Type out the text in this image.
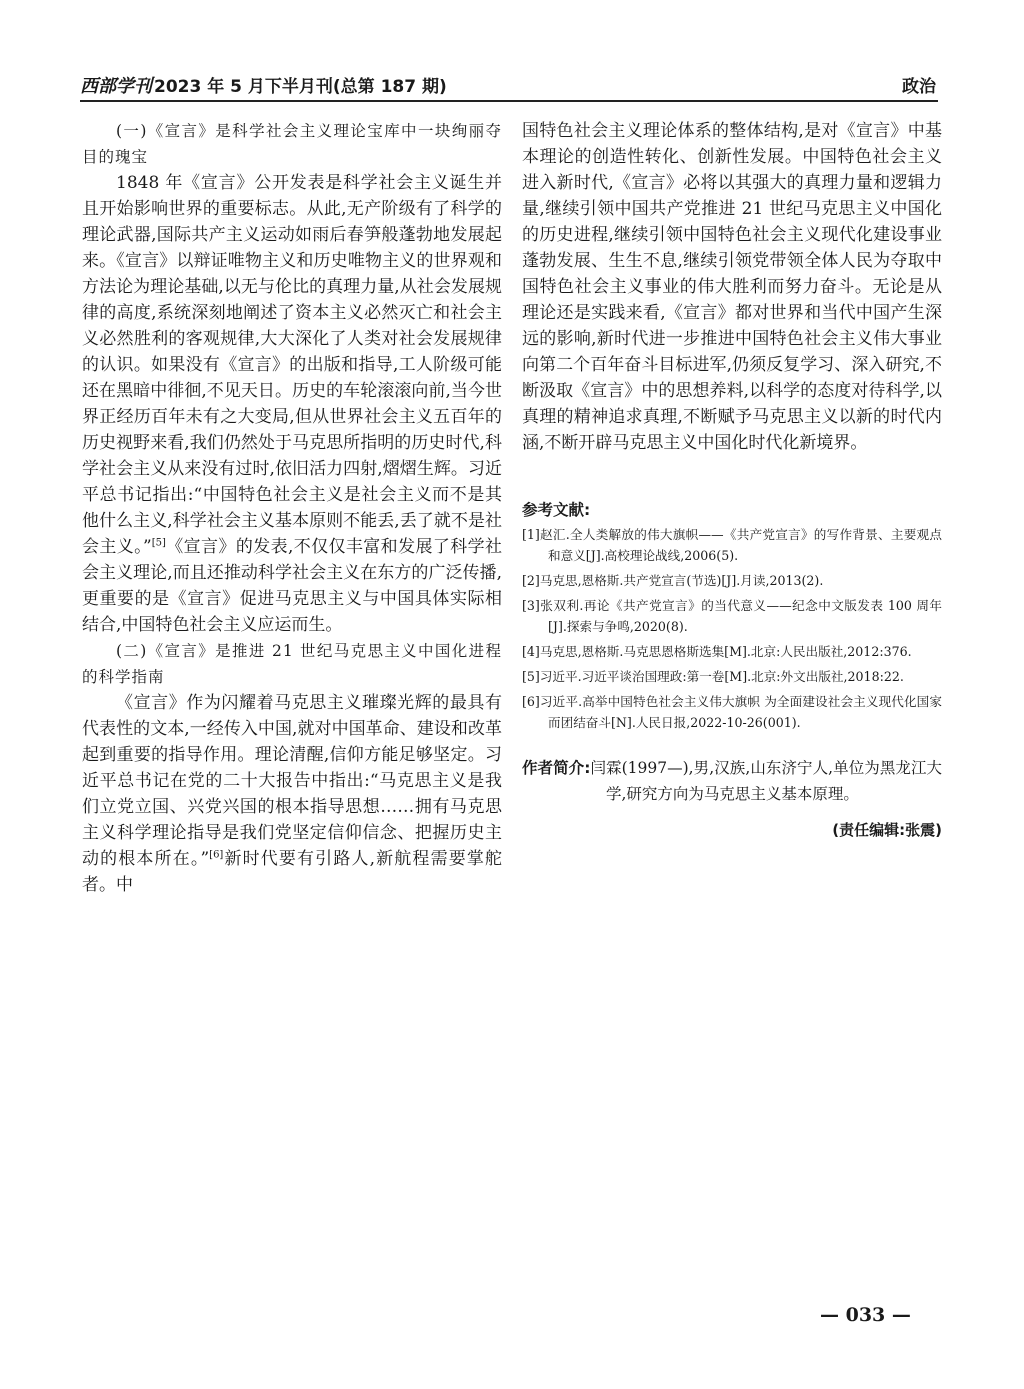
西部学刊 2023 年 5 月下半月刊(总第 187 期)	政治

(一)《宣言》是科学社会主义理论宝库中一块绚丽夺目的瑰宝

1848 年《宣言》公开发表是科学社会主义诞生并且开始影响世界的重要标志。从此,无产阶级有了科学的理论武器,国际共产主义运动如雨后春笋般蓬勃地发展起来。《宣言》以辩证唯物主义和历史唯物主义的世界观和方法论为理论基础,以无与伦比的真理力量,从社会发展规律的高度,系统深刻地阐述了资本主义必然灭亡和社会主义必然胜利的客观规律,大大深化了人类对社会发展规律的认识。如果没有《宣言》的出版和指导,工人阶级可能还在黑暗中徘徊,不见天日。历史的车轮滚滚向前,当今世界正经历百年未有之大变局,但从世界社会主义五百年的历史视野来看,我们仍然处于马克思所指明的历史时代,科学社会主义从来没有过时,依旧活力四射,熠熠生辉。习近平总书记指出:“中国特色社会主义是社会主义而不是其他什么主义,科学社会主义基本原则不能丢,丢了就不是社会主义。”[5]《宣言》的发表,不仅仅丰富和发展了科学社会主义理论,而且还推动科学社会主义在东方的广泛传播,更重要的是《宣言》促进马克思主义与中国具体实际相结合,中国特色社会主义应运而生。

(二)《宣言》是推进 21 世纪马克思主义中国化进程的科学指南

《宣言》作为闪耀着马克思主义璀璨光辉的最具有代表性的文本,一经传入中国,就对中国革命、建设和改革起到重要的指导作用。理论清醒,信仰方能足够坚定。习近平总书记在党的二十大报告中指出:“马克思主义是我们立党立国、兴党兴国的根本指导思想……拥有马克思主义科学理论指导是我们党坚定信仰信念、把握历史主动的根本所在。”[6]新时代要有引路人,新航程需要掌舵者。中

国特色社会主义理论体系的整体结构,是对《宣言》中基本理论的创造性转化、创新性发展。中国特色社会主义进入新时代,《宣言》必将以其强大的真理力量和逻辑力量,继续引领中国共产党推进 21 世纪马克思主义中国化的历史进程,继续引领中国特色社会主义现代化建设事业蓬勃发展、生生不息,继续引领党带领全体人民为夺取中国特色社会主义事业的伟大胜利而努力奋斗。无论是从理论还是实践来看,《宣言》都对世界和当代中国产生深远的影响,新时代进一步推进中国特色社会主义伟大事业向第二个百年奋斗目标进军,仍须反复学习、深入研究,不断汲取《宣言》中的思想养料,以科学的态度对待科学,以真理的精神追求真理,不断赋予马克思主义以新的时代内涵,不断开辟马克思主义中国化时代化新境界。

参考文献:
[1]赵汇.全人类解放的伟大旗帜——《共产党宣言》的写作背景、主要观点和意义[J].高校理论战线,2006(5).
[2]马克思,恩格斯.共产党宣言(节选)[J].月读,2013(2).
[3]张双利.再论《共产党宣言》的当代意义——纪念中文版发表 100 周年[J].探索与争鸣,2020(8).
[4]马克思,恩格斯.马克思恩格斯选集[M].北京:人民出版社,2012:376.
[5]习近平.习近平谈治国理政:第一卷[M].北京:外文出版社,2018:22.
[6]习近平.高举中国特色社会主义伟大旗帜 为全面建设社会主义现代化国家而团结奋斗[N].人民日报,2022-10-26(001).

作者简介:闫霖(1997—),男,汉族,山东济宁人,单位为黑龙江大学,研究方向为马克思主义基本原理。

(责任编辑:张震)
— 033 —
